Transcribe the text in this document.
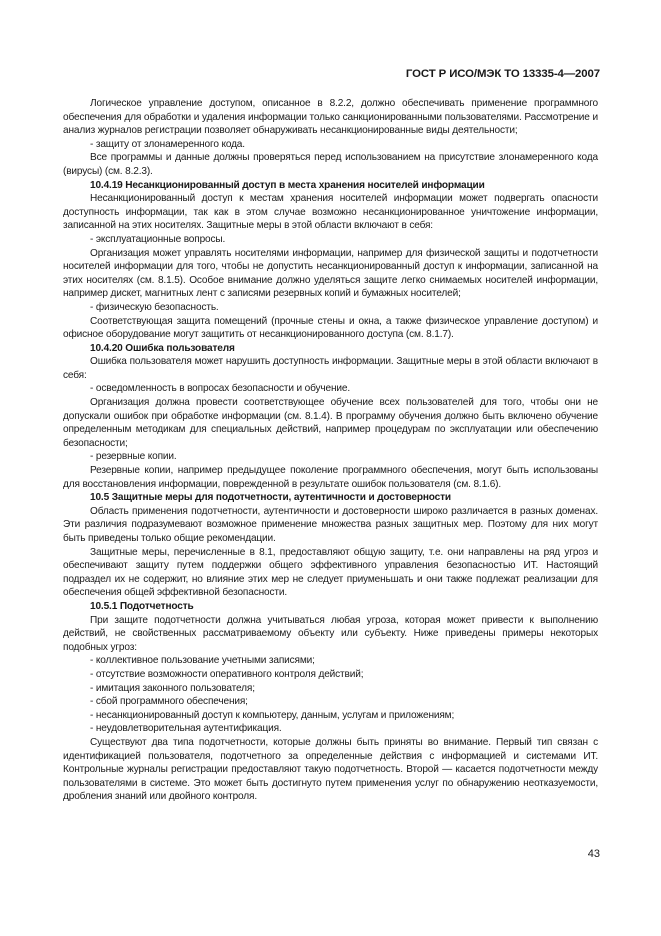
ГОСТ Р ИСО/МЭК ТО 13335-4—2007

Логическое управление доступом, описанное в 8.2.2, должно обеспечивать применение программного обеспечения для обработки и удаления информации только санкционированными пользователями. Рассмотрение и анализ журналов регистрации позволяет обнаруживать несанкционированные виды деятельности;

- защиту от злонамеренного кода.

Все программы и данные должны проверяться перед использованием на присутствие злонамеренного кода (вирусы) (см. 8.2.3).

10.4.19 Несанкционированный доступ в места хранения носителей информации

Несанкционированный доступ к местам хранения носителей информации может подвергать опасности доступность информации, так как в этом случае возможно несанкционированное уничтожение информации, записанной на этих носителях. Защитные меры в этой области включают в себя:

- эксплуатационные вопросы.

Организация может управлять носителями информации, например для физической защиты и подотчетности носителей информации для того, чтобы не допустить несанкционированный доступ к информации, записанной на этих носителях (см. 8.1.5). Особое внимание должно уделяться защите легко снимаемых носителей информации, например дискет, магнитных лент с записями резервных копий и бумажных носителей;

- физическую безопасность.

Соответствующая защита помещений (прочные стены и окна, а также физическое управление доступом) и офисное оборудование могут защитить от несанкционированного доступа (см. 8.1.7).

10.4.20 Ошибка пользователя

Ошибка пользователя может нарушить доступность информации. Защитные меры в этой области включают в себя:

- осведомленность в вопросах безопасности и обучение.

Организация должна провести соответствующее обучение всех пользователей для того, чтобы они не допускали ошибок при обработке информации (см. 8.1.4). В программу обучения должно быть включено обучение определенным методикам для специальных действий, например процедурам по эксплуатации или обеспечению безопасности;

- резервные копии.

Резервные копии, например предыдущее поколение программного обеспечения, могут быть использованы для восстановления информации, поврежденной в результате ошибок пользователя (см. 8.1.6).

10.5 Защитные меры для подотчетности, аутентичности и достоверности

Область применения подотчетности, аутентичности и достоверности широко различается в разных доменах. Эти различия подразумевают возможное применение множества разных защитных мер. Поэтому для них могут быть приведены только общие рекомендации.

Защитные меры, перечисленные в 8.1, предоставляют общую защиту, т.е. они направлены на ряд угроз и обеспечивают защиту путем поддержки общего эффективного управления безопасностью ИТ. Настоящий подраздел их не содержит, но влияние этих мер не следует приуменьшать и они также подлежат реализации для обеспечения общей эффективной безопасности.

10.5.1 Подотчетность

При защите подотчетности должна учитываться любая угроза, которая может привести к выполнению действий, не свойственных рассматриваемому объекту или субъекту. Ниже приведены примеры некоторых подобных угроз:

- коллективное пользование учетными записями;

- отсутствие возможности оперативного контроля действий;

- имитация законного пользователя;

- сбой программного обеспечения;

- несанкционированный доступ к компьютеру, данным, услугам и приложениям;

- неудовлетворительная аутентификация.

Существуют два типа подотчетности, которые должны быть приняты во внимание. Первый тип связан с идентификацией пользователя, подотчетного за определенные действия с информацией и системами ИТ. Контрольные журналы регистрации предоставляют такую подотчетность. Второй — касается подотчетности между пользователями в системе. Это может быть достигнуто путем применения услуг по обнаружению неотказуемости, дробления знаний или двойного контроля.

43
